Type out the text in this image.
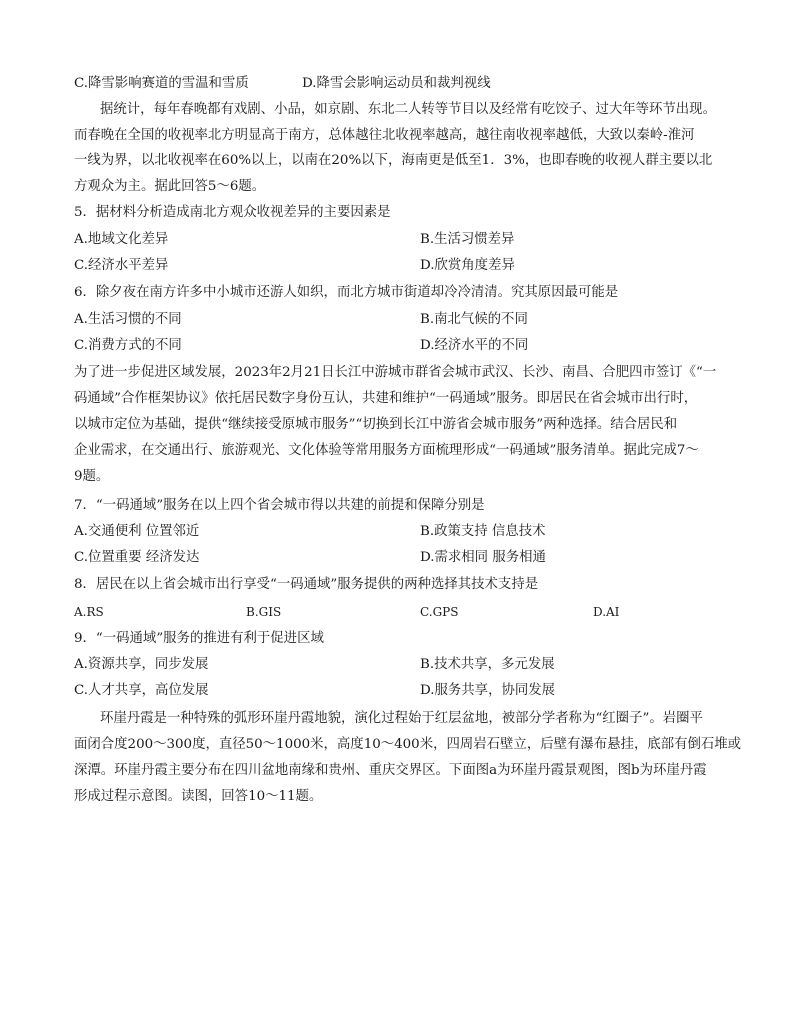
C.降雪影响赛道的雪温和雪质	D.降雪会影响运动员和裁判视线
据统计，每年春晚都有戏剧、小品，如京剧、东北二人转等节目以及经常有吃饺子、过大年等环节出现。
而春晚在全国的收视率北方明显高于南方，总体越往北收视率越高，越往南收视率越低，大致以秦岭-淮河
一线为界，以北收视率在60%以上，以南在20%以下，海南更是低至1．3%，也即春晚的收视人群主要以北
方观众为主。据此回答5～6题。
5．据材料分析造成南北方观众收视差异的主要因素是
A.地域文化差异	B.生活习惯差异
C.经济水平差异	D.欣赏角度差异
6．除夕夜在南方许多中小城市还游人如织，而北方城市街道却冷冷清清。究其原因最可能是
A.生活习惯的不同	B.南北气候的不同
C.消费方式的不同	D.经济水平的不同
为了进一步促进区域发展，2023年2月21日长江中游城市群省会城市武汉、长沙、南昌、合肥四市签订《“一
码通域”合作框架协议》依托居民数字身份互认，共建和维护“一码通域”服务。即居民在省会城市出行时，
以城市定位为基础，提供“继续接受原城市服务”“切换到长江中游省会城市服务”两种选择。结合居民和
企业需求，在交通出行、旅游观光、文化体验等常用服务方面梳理形成“一码通域”服务清单。据此完成7～
9题。
7．“一码通域”服务在以上四个省会城市得以共建的前提和保障分别是
A.交通便利 位置邻近	B.政策支持 信息技术
C.位置重要 经济发达	D.需求相同 服务相通
8．居民在以上省会城市出行享受“一码通域”服务提供的两种选择其技术支持是
A.RS	B.GIS	C.GPS	D.AI
9．“一码通域”服务的推进有利于促进区域
A.资源共享，同步发展	B.技术共享，多元发展
C.人才共享，高位发展	D.服务共享，协同发展
环崖丹霞是一种特殊的弧形环崖丹霞地貌，演化过程始于红层盆地，被部分学者称为“红圈子”。岩圈平
面闭合度200～300度，直径50～1000米，高度10～400米，四周岩石壁立，后壁有瀑布悬挂，底部有倒石堆或
深潭。环崖丹霞主要分布在四川盆地南缘和贵州、重庆交界区。下面图a为环崖丹霞景观图，图b为环崖丹霞
形成过程示意图。读图，回答10～11题。
